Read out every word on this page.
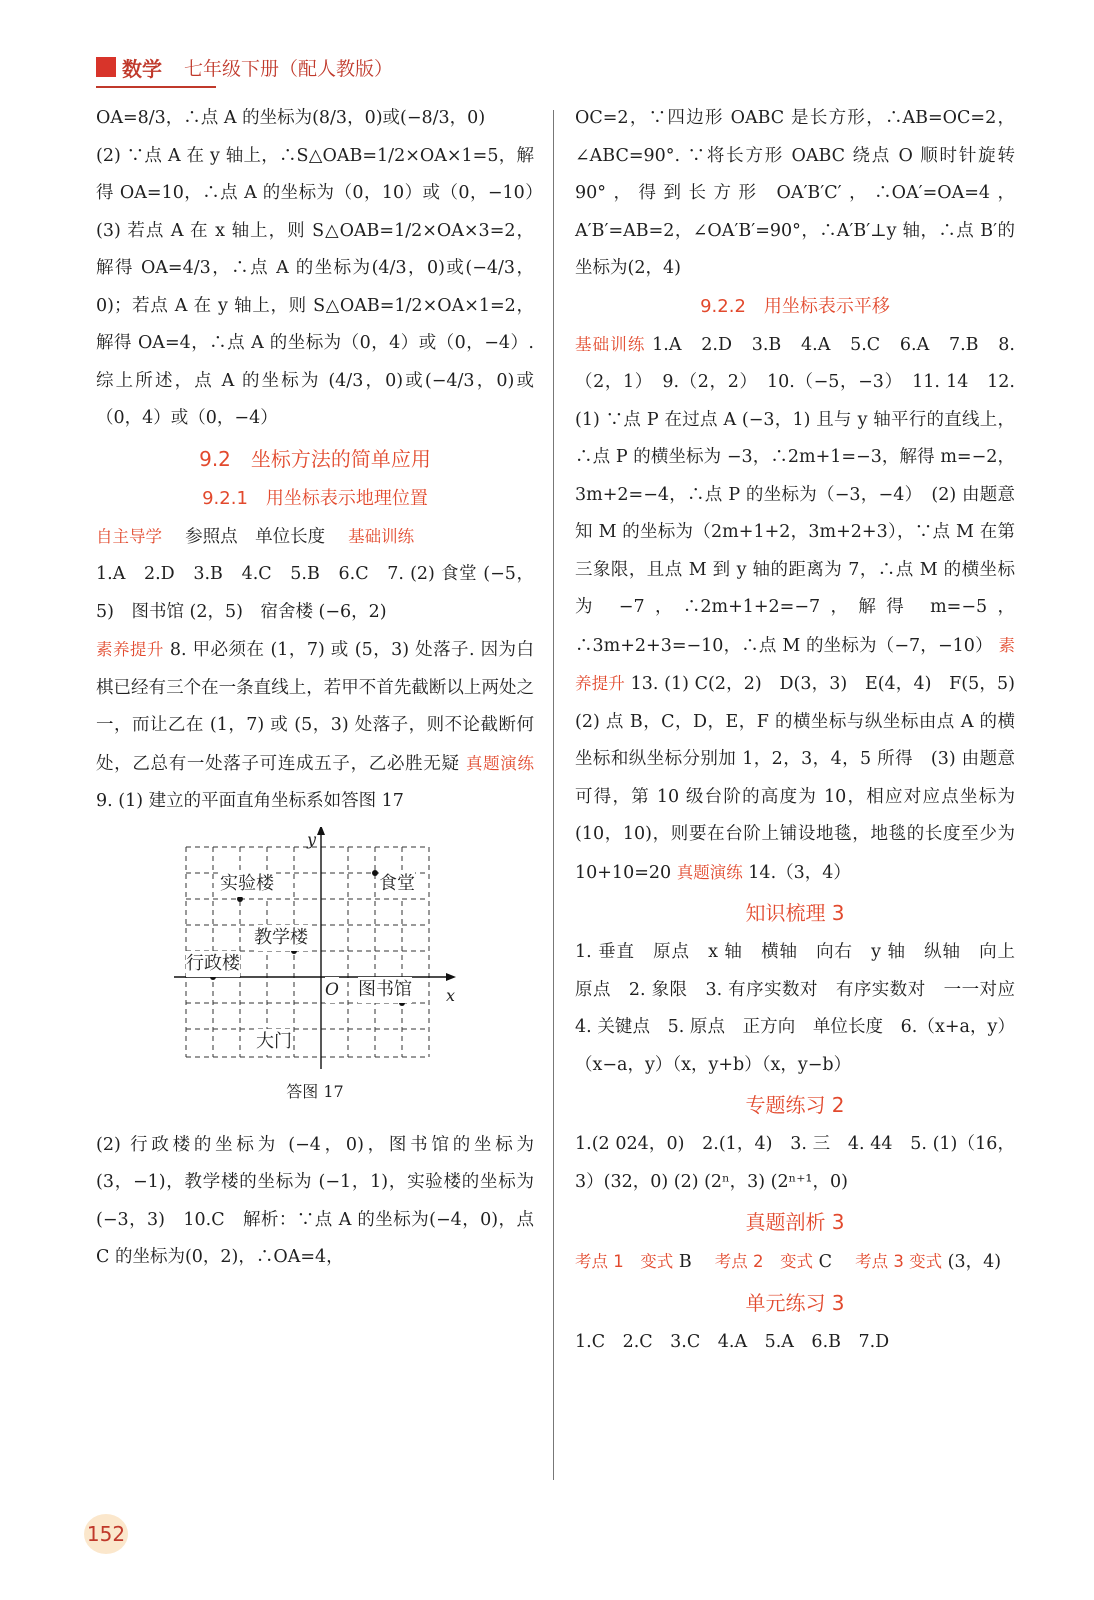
数学 七年级下册（配人教版）

OA=8/3，∴点 A 的坐标为(8/3，0)或(−8/3，0)

(2) ∵点 A 在 y 轴上，∴S△OAB=1/2×OA×1=5，解得 OA=10，∴点 A 的坐标为（0，10）或（0，−10）　(3) 若点 A 在 x 轴上，则 S△OAB=1/2×OA×3=2，解得 OA=4/3，∴点 A 的坐标为(4/3，0)或(−4/3，0)；若点 A 在 y 轴上，则 S△OAB=1/2×OA×1=2，解得 OA=4，∴点 A 的坐标为（0，4）或（0，−4）. 综上所述，点 A 的坐标为 (4/3，0)或(−4/3，0)或（0，4）或（0，−4）

9.2　坐标方法的简单应用
9.2.1　用坐标表示地理位置

自主导学　 参照点　单位长度　 基础训练

1.A　2.D　3.B　4.C　5.B　6.C　7. (2) 食堂 (−5，5)　图书馆 (2，5)　宿舍楼 (−6，2)

素养提升 8. 甲必须在 (1，7) 或 (5，3) 处落子. 因为白棋已经有三个在一条直线上，若甲不首先截断以上两处之一，而让乙在 (1，7) 或 (5，3) 处落子，则不论截断何处，乙总有一处落子可连成五子，乙必胜无疑 真题演练 9. (1) 建立的平面直角坐标系如答图 17

x
y
O
实验楼	食堂
教学楼
行政楼
图书馆
大门
答图 17

(2) 行政楼的坐标为 (−4，0)，图书馆的坐标为 (3，−1)，教学楼的坐标为 (−1，1)，实验楼的坐标为 (−3，3)　10.C　解析：∵点 A 的坐标为(−4，0)，点 C 的坐标为(0，2)，∴OA=4，

OC=2，∵四边形 OABC 是长方形，∴AB=OC=2，∠ABC=90°. ∵将长方形 OABC 绕点 O 顺时针旋转 90°，得到长方形 OA′B′C′，∴OA′=OA=4，A′B′=AB=2，∠OA′B′=90°，∴A′B′⊥y 轴，∴点 B′的坐标为(2，4)

9.2.2　用坐标表示平移

基础训练 1.A　2.D　3.B　4.A　5.C　6.A　7.B　8.（2，1）　9.（2，2）　10.（−5，−3）　11. 14　12. (1) ∵点 P 在过点 A (−3，1) 且与 y 轴平行的直线上，∴点 P 的横坐标为 −3，∴2m+1=−3，解得 m=−2，3m+2=−4，∴点 P 的坐标为（−3，−4）　(2) 由题意知 M 的坐标为（2m+1+2，3m+2+3），∵点 M 在第三象限，且点 M 到 y 轴的距离为 7，∴点 M 的横坐标为 −7，∴2m+1+2=−7，解得 m=−5，∴3m+2+3=−10，∴点 M 的坐标为（−7，−10） 素养提升 13. (1) C(2，2)　D(3，3)　E(4，4)　F(5，5)　(2) 点 B，C，D，E，F 的横坐标与纵坐标由点 A 的横坐标和纵坐标分别加 1，2，3，4，5 所得　(3) 由题意可得，第 10 级台阶的高度为 10，相应对应点坐标为(10，10)，则要在台阶上铺设地毯，地毯的长度至少为 10+10=20 真题演练 14.（3，4）

知识梳理 3

1. 垂直　原点　x 轴　横轴　向右　y 轴　纵轴　向上　原点　2. 象限　3. 有序实数对　有序实数对　一一对应　4. 关键点　5. 原点　正方向　单位长度　6.（x+a，y）（x−a，y）（x，y+b）（x，y−b）

专题练习 2

1.(2 024，0)　2.(1，4)　3. 三　4. 44　5. (1)（16，3）(32，0) (2) (2ⁿ，3) (2ⁿ⁺¹，0)

真题剖析 3

考点 1　变式 B　 考点 2　变式 C　 考点 3 变式 (3，4)

单元练习 3

1.C　2.C　3.C　4.A　5.A　6.B　7.D

152
